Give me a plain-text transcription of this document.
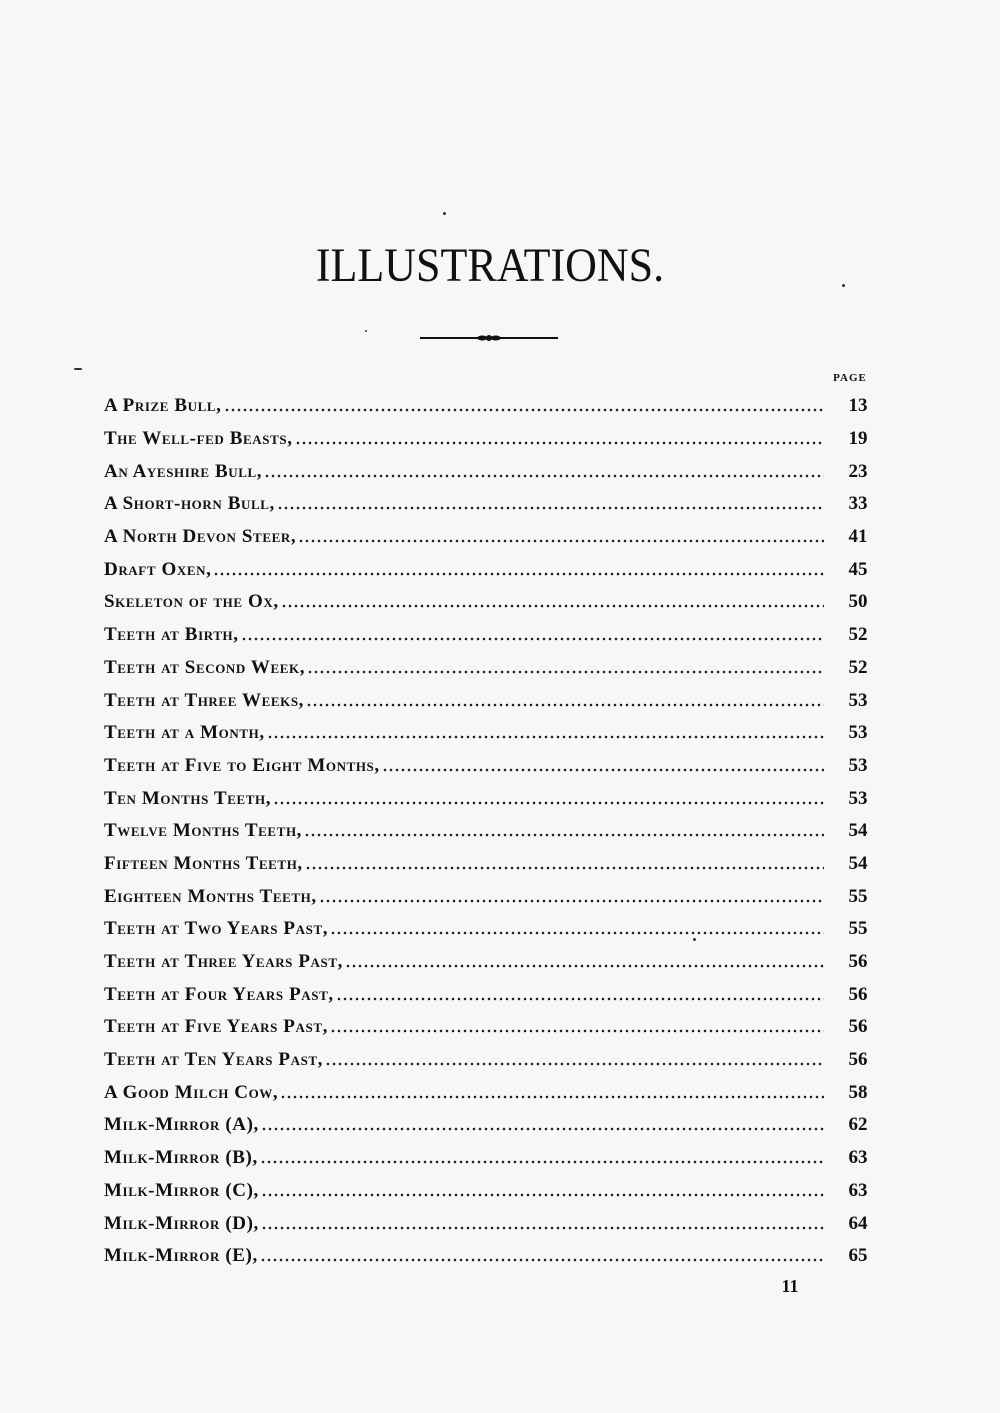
ILLUSTRATIONS.
PAGE
A Prize Bull,	13
The Well-fed Beasts,	19
An Ayeshire Bull,	23
A Short-horn Bull,	33
A North Devon Steer,	41
Draft Oxen,	45
Skeleton of the Ox,	50
Teeth at Birth,	52
Teeth at Second Week,	52
Teeth at Three Weeks,	53
Teeth at a Month,	53
Teeth at Five to Eight Months,	53
Ten Months Teeth,	53
Twelve Months Teeth,	54
Fifteen Months Teeth,	54
Eighteen Months Teeth,	55
Teeth at Two Years Past,	55
Teeth at Three Years Past,	56
Teeth at Four Years Past,	56
Teeth at Five Years Past,	56
Teeth at Ten Years Past,	56
A Good Milch Cow,	58
Milk-Mirror (A),	62
Milk-Mirror (B),	63
Milk-Mirror (C),	63
Milk-Mirror (D),	64
Milk-Mirror (E),	65
11
